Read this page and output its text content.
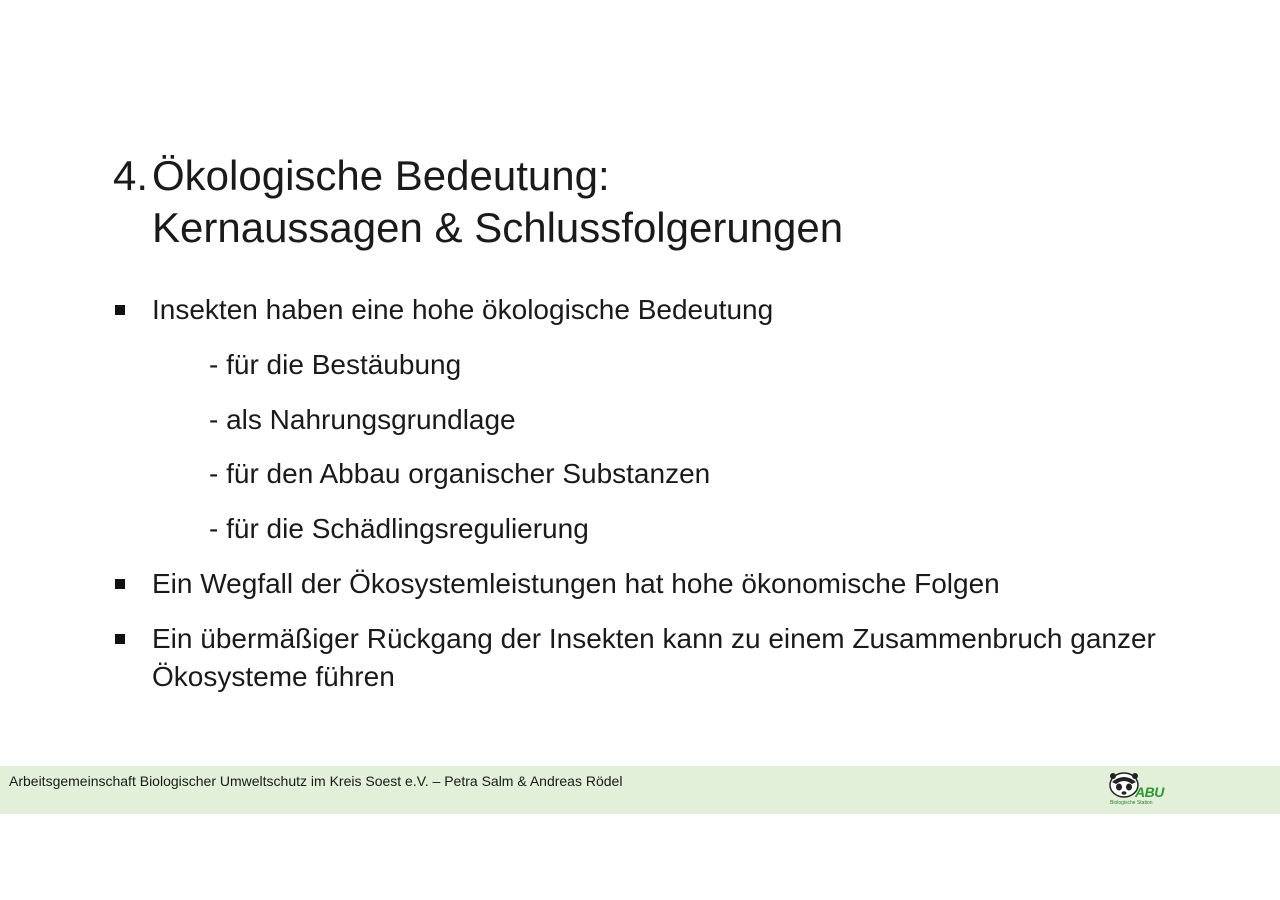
4. Ökologische Bedeutung:
Kernaussagen & Schlussfolgerungen
Insekten haben eine hohe ökologische Bedeutung
- für die Bestäubung
- als Nahrungsgrundlage
- für den Abbau organischer Substanzen
- für die Schädlingsregulierung
Ein Wegfall der Ökosystemleistungen hat hohe ökonomische Folgen
Ein übermäßiger Rückgang der Insekten kann zu einem Zusammenbruch ganzer Ökosysteme führen
Arbeitsgemeinschaft Biologischer Umweltschutz im Kreis Soest e.V. – Petra Salm & Andreas Rödel
ABU
Biologische Station
